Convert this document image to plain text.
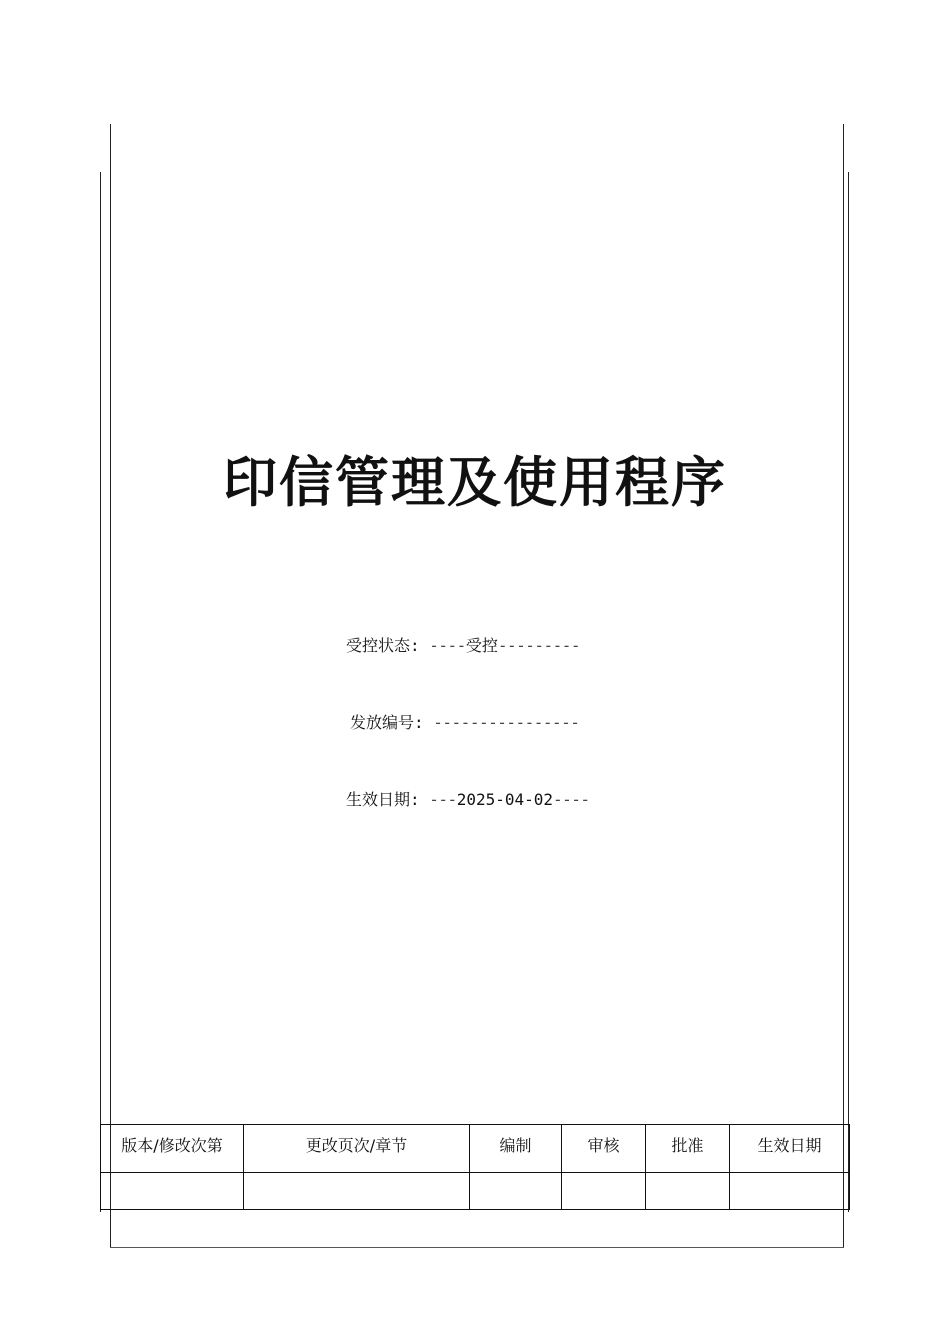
印信管理及使用程序
受控状态: ----受控---------
发放编号: ----------------
生效日期: ---2025-04-02----
版本/修改次第	更改页次/章节	编制	审核	批准	生效日期
